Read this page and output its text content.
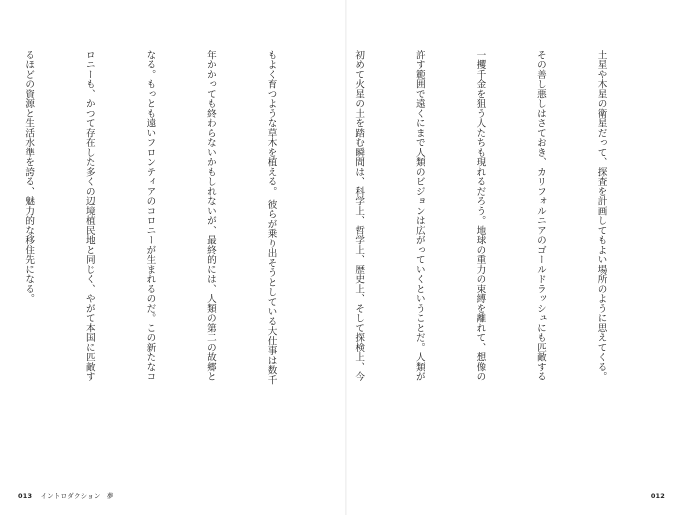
土星や木星の衛星だって、探査を計画してもよい場所のように思えてくる。

その善し悪しはさておき、カリフォルニアのゴールドラッシュにも匹敵する

一攫千金を狙う人たちも現れるだろう。地球の重力の束縛を離れて、想像の

許す範囲で遠くにまで人類のビジョンは広がっていくということだ。人類が

初めて火星の土を踏む瞬間は、科学上、哲学上、歴史上、そして探検上、今

012

もよく育つような草木を植える。 彼らが乗り出そうとしている大仕事は数千

年かかっても終わらないかもしれないが、最終的には、人類の第二の故郷と

なる。もっとも遠いフロンティアのコロニーが生まれるのだ。この新たなコ

ロニーも、かつて存在した多くの辺境植民地と同じく、やがて本国に匹敵す

るほどの資源と生活水準を誇る、魅力的な移住先になる。

013 イントロダクション 夢
